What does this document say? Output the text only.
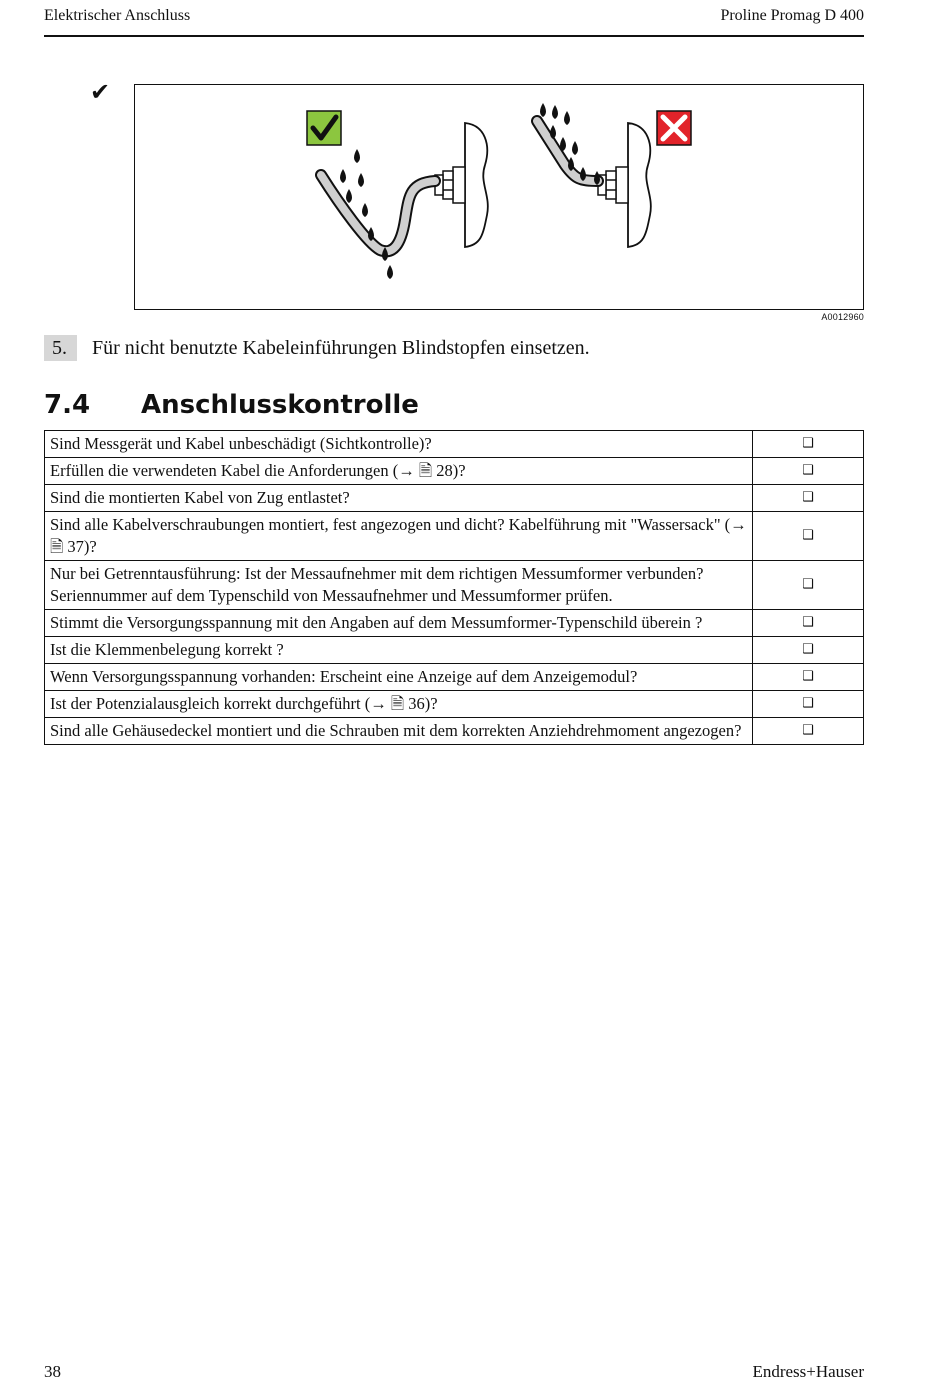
Elektrischer Anschluss	Proline Promag D 400
✔
A0012960
5.	Für nicht benutzte Kabeleinführungen Blindstopfen einsetzen.
7.4 Anschlusskontrolle
Sind Messgerät und Kabel unbeschädigt (Sichtkontrolle)?	❑
Erfüllen die verwendeten Kabel die Anforderungen (→ 🗎 28)?	❑
Sind die montierten Kabel von Zug entlastet?	❑
Sind alle Kabelverschraubungen montiert, fest angezogen und dicht? Kabelführung mit "Wassersack" (→ 🗎 37)?	❑
Nur bei Getrenntausführung: Ist der Messaufnehmer mit dem richtigen Messumformer verbunden? Seriennummer auf dem Typenschild von Messaufnehmer und Messumformer prüfen.	❑
Stimmt die Versorgungsspannung mit den Angaben auf dem Messumformer-Typenschild überein ?	❑
Ist die Klemmenbelegung korrekt ?	❑
Wenn Versorgungsspannung vorhanden: Erscheint eine Anzeige auf dem Anzeigemodul?	❑
Ist der Potenzialausgleich korrekt durchgeführt (→ 🗎 36)?	❑
Sind alle Gehäusedeckel montiert und die Schrauben mit dem korrekten Anziehdrehmoment angezogen?	❑
38	Endress+Hauser
